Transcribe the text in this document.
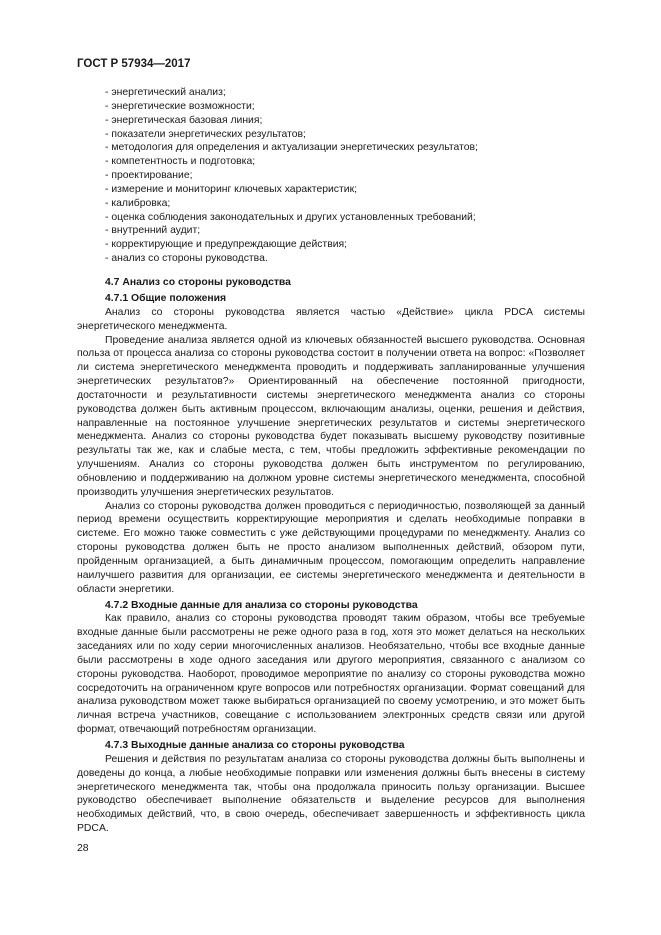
ГОСТ Р 57934—2017

- энергетический анализ;
- энергетические возможности;
- энергетическая базовая линия;
- показатели энергетических результатов;
- методология для определения и актуализации энергетических результатов;
- компетентность и подготовка;
- проектирование;
- измерение и мониторинг ключевых характеристик;
- калибровка;
- оценка соблюдения законодательных и других установленных требований;
- внутренний аудит;
- корректирующие и предупреждающие действия;
- анализ со стороны руководства.

4.7 Анализ со стороны руководства

4.7.1 Общие положения

Анализ со стороны руководства является частью «Действие» цикла PDCA системы энергетического менеджмента.

Проведение анализа является одной из ключевых обязанностей высшего руководства. Основная польза от процесса анализа со стороны руководства состоит в получении ответа на вопрос: «Позволяет ли система энергетического менеджмента проводить и поддерживать запланированные улучшения энергетических результатов?» Ориентированный на обеспечение постоянной пригодности, достаточности и результативности системы энергетического менеджмента анализ со стороны руководства должен быть активным процессом, включающим анализы, оценки, решения и действия, направленные на постоянное улучшение энергетических результатов и системы энергетического менеджмента. Анализ со стороны руководства будет показывать высшему руководству позитивные результаты так же, как и слабые места, с тем, чтобы предложить эффективные рекомендации по улучшениям. Анализ со стороны руководства должен быть инструментом по регулированию, обновлению и поддерживанию на должном уровне системы энергетического менеджмента, способной производить улучшения энергетических результатов.

Анализ со стороны руководства должен проводиться с периодичностью, позволяющей за данный период времени осуществить корректирующие мероприятия и сделать необходимые поправки в системе. Его можно также совместить с уже действующими процедурами по менеджменту. Анализ со стороны руководства должен быть не просто анализом выполненных действий, обзором пути, пройденным организацией, а быть динамичным процессом, помогающим определить направление наилучшего развития для организации, ее системы энергетического менеджмента и деятельности в области энергетики.

4.7.2 Входные данные для анализа со стороны руководства

Как правило, анализ со стороны руководства проводят таким образом, чтобы все требуемые входные данные были рассмотрены не реже одного раза в год, хотя это может делаться на нескольких заседаниях или по ходу серии многочисленных анализов. Необязательно, чтобы все входные данные были рассмотрены в ходе одного заседания или другого мероприятия, связанного с анализом со стороны руководства. Наоборот, проводимое мероприятие по анализу со стороны руководства можно сосредоточить на ограниченном круге вопросов или потребностях организации. Формат совещаний для анализа руководством может также выбираться организацией по своему усмотрению, и это может быть личная встреча участников, совещание с использованием электронных средств связи или другой формат, отвечающий потребностям организации.

4.7.3 Выходные данные анализа со стороны руководства

Решения и действия по результатам анализа со стороны руководства должны быть выполнены и доведены до конца, а любые необходимые поправки или изменения должны быть внесены в систему энергетического менеджмента так, чтобы она продолжала приносить пользу организации. Высшее руководство обеспечивает выполнение обязательств и выделение ресурсов для выполнения необходимых действий, что, в свою очередь, обеспечивает завершенность и эффективность цикла PDCA.

28
